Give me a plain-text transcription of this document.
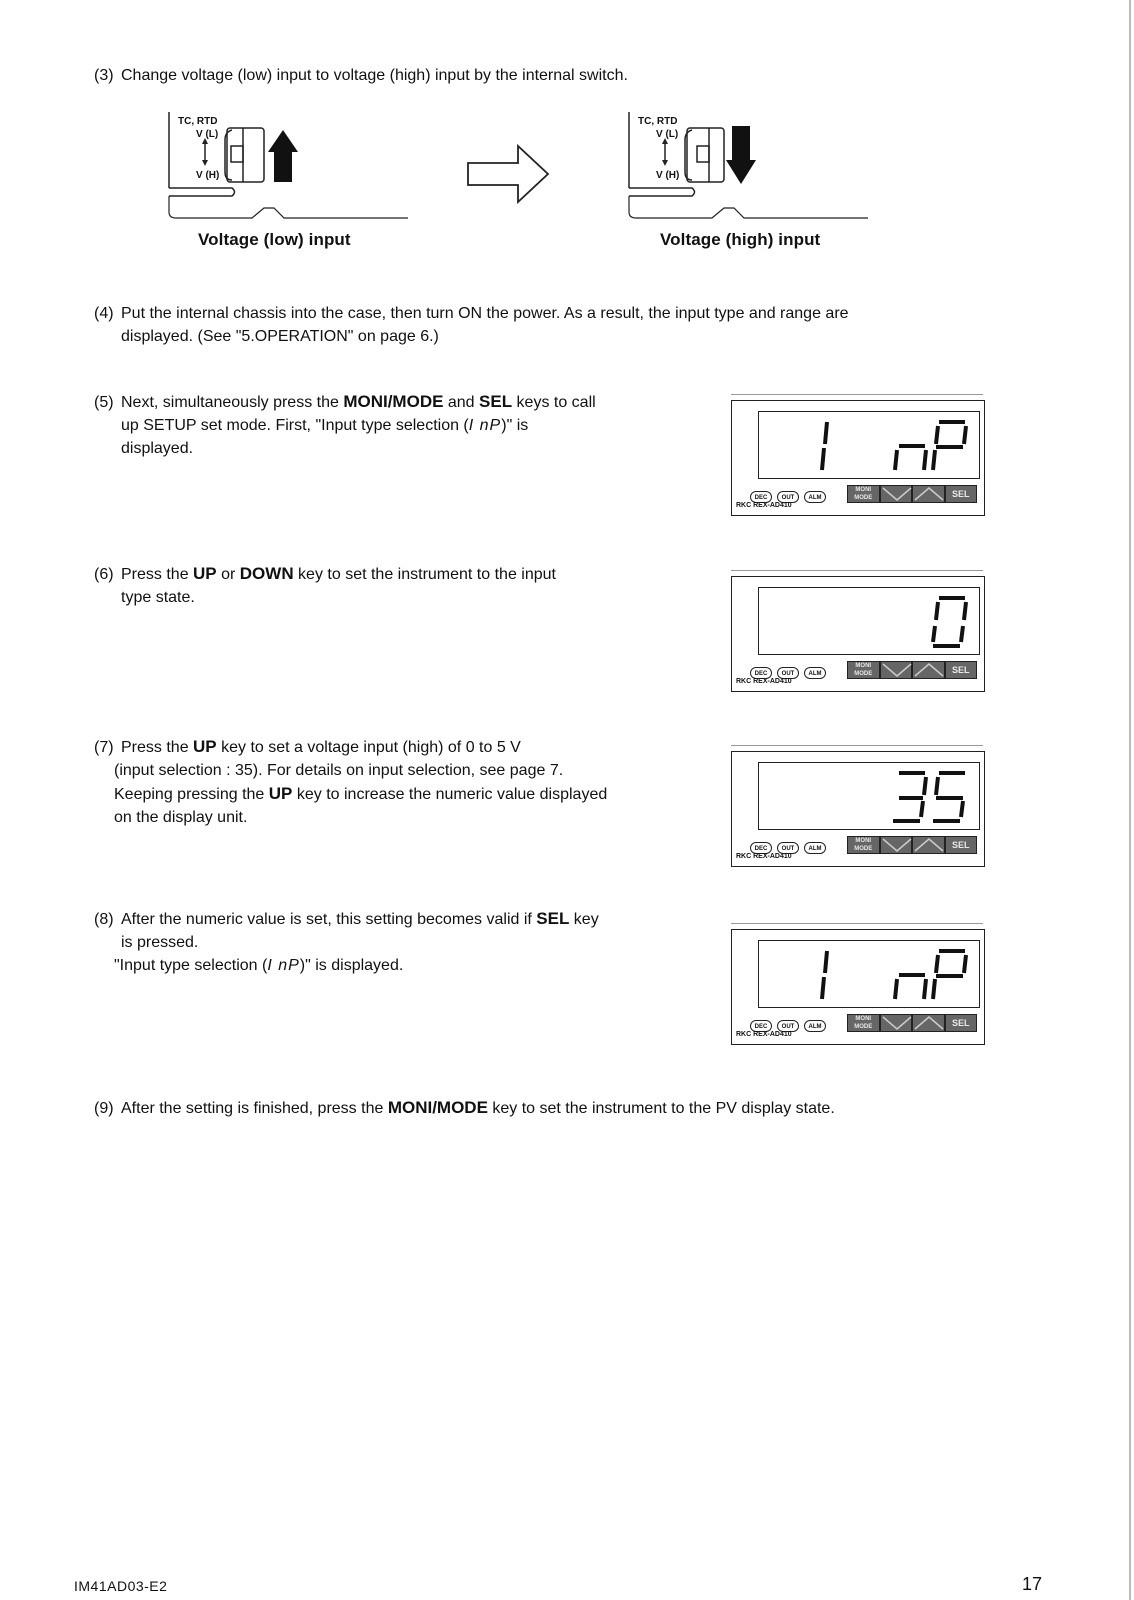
(3) Change voltage (low) input to voltage (high) input by the internal switch.
TC, RTD
V (L)
V (H)
Voltage (low) input
TC, RTD
V (L)
V (H)
Voltage (high) input
(4) Put the internal chassis into the case, then turn ON the power. As a result, the input type and range are
displayed. (See "5.OPERATION" on page 6.)
(5) Next, simultaneously press the MONI/MODE and SEL keys to call
up SETUP set mode. First, "Input type selection (I nP)" is
displayed.
(6) Press the UP or DOWN key to set the instrument to the input
type state.
(7) Press the UP key to set a voltage input (high) of 0 to 5 V
(input selection : 35). For details on input selection, see page 7.
Keeping pressing the UP key to increase the numeric value displayed
on the display unit.
(8) After the numeric value is set, this setting becomes valid if SEL key
is pressed.
"Input type selection (I nP)" is displayed.
(9) After the setting is finished, press the MONI/MODE key to set the instrument to the PV display state.
DEC OUT ALM
MONI MODE	SEL
RKC REX-AD410
DEC OUT ALM
MONI MODE	SEL
RKC REX-AD410
DEC OUT ALM
MONI MODE	SEL
RKC REX-AD410
DEC OUT ALM
MONI MODE	SEL
RKC REX-AD410
IM41AD03-E2	17
